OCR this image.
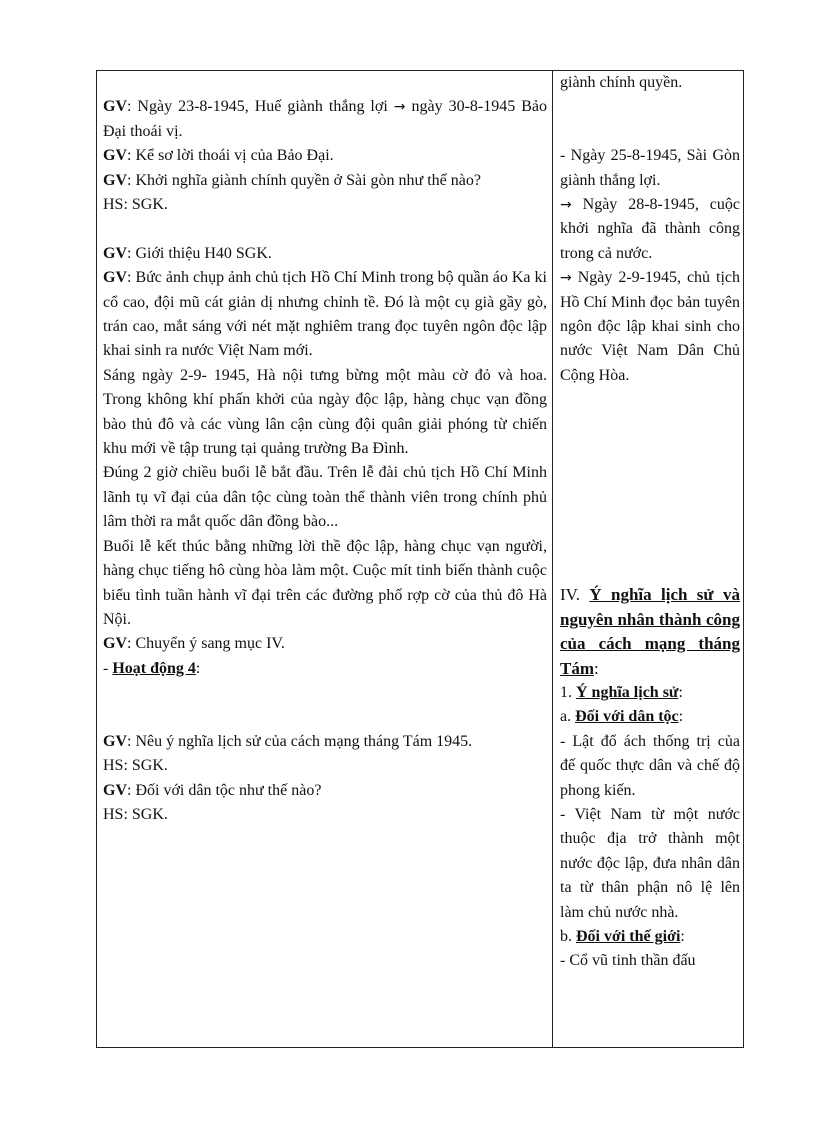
GV: Ngày 23-8-1945, Huế giành thắng lợi → ngày 30-8-1945 Bảo Đại thoái vị.

GV: Kể sơ lời thoái vị của Bảo Đại.

GV: Khởi nghĩa giành chính quyền ở Sài gòn như thế nào?

HS: SGK.

GV: Giới thiệu H40 SGK.

GV: Bức ảnh chụp ảnh chủ tịch Hồ Chí Minh trong bộ quần áo Ka ki cổ cao, đội mũ cát giản dị nhưng chỉnh tề. Đó là một cụ già gầy gò, trán cao, mắt sáng với nét mặt nghiêm trang đọc tuyên ngôn độc lập khai sinh ra nước Việt Nam mới.

Sáng ngày 2-9- 1945, Hà nội tưng bừng một màu cờ đỏ và hoa. Trong không khí phấn khởi của ngày độc lập, hàng chục vạn đồng bào thủ đô và các vùng lân cận cùng đội quân giải phóng từ chiến khu mới về tập trung tại quảng trường Ba Đình.

Đúng 2 giờ chiều buổi lễ bắt đầu. Trên lễ đài chủ tịch Hồ Chí Minh lãnh tụ vĩ đại của dân tộc cùng toàn thể thành viên trong chính phủ lâm thời ra mắt quốc dân đồng bào...

Buổi lễ kết thúc bằng những lời thề độc lập, hàng chục vạn người, hàng chục tiếng hô cùng hòa làm một. Cuộc mít tinh biến thành cuộc biểu tình tuần hành vĩ đại trên các đường phố rợp cờ của thủ đô Hà Nội.

GV: Chuyển ý sang mục IV.

- Hoạt động 4:

GV: Nêu ý nghĩa lịch sử của cách mạng tháng Tám 1945.

HS: SGK.

GV: Đối với dân tộc như thế nào?

HS: SGK.

giành chính quyền.

- Ngày 25-8-1945, Sài Gòn giành thắng lợi.

→ Ngày 28-8-1945, cuộc khởi nghĩa đã thành công trong cả nước.

→ Ngày 2-9-1945, chủ tịch Hồ Chí Minh đọc bản tuyên ngôn độc lập khai sinh cho nước Việt Nam Dân Chủ Cộng Hòa.

IV. Ý nghĩa lịch sử và nguyên nhân thành công của cách mạng tháng Tám:

1. Ý nghĩa lịch sử:

a. Đối với dân tộc:

- Lật đổ ách thống trị của đế quốc thực dân và chế độ phong kiến.

- Việt Nam từ một nước thuộc địa trở thành một nước độc lập, đưa nhân dân ta từ thân phận nô lệ lên làm chủ nước nhà.

b. Đối với thế giới:

- Cổ vũ tinh thần đấu
